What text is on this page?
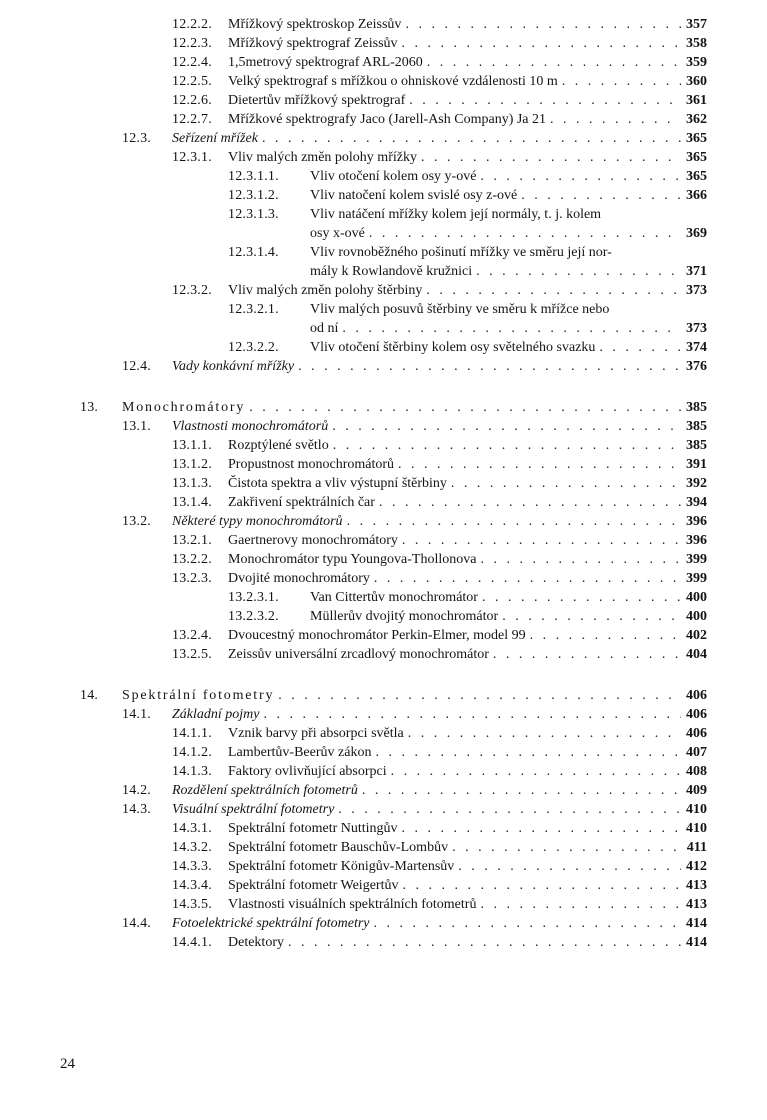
12.2.2. Mřížkový spektroskop Zeissův . . .	357
12.2.3. Mřížkový spektrograf Zeissův . . .	358
12.2.4. 1,5metrový spektrograf ARL-2060 . . .	359
12.2.5. Velký spektrograf s mřížkou o ohniskové vzdálenosti 10 m . . .	360
12.2.6. Dietertův mřížkový spektrograf . . .	361
12.2.7. Mřížkové spektrografy Jaco (Jarell-Ash Company) Ja 21 . . .	362
12.3. Seřízení mřížek . . .	365
12.3.1. Vliv malých změn polohy mřížky . . .	365
12.3.1.1. Vliv otočení kolem osy y-ové . . .	365
12.3.1.2. Vliv natočení kolem svislé osy z-ové . . .	366
12.3.1.3. Vliv natáčení mřížky kolem její normály, t. j. kolem
osy x-ové . . .	369
12.3.1.4. Vliv rovnoběžného pošinutí mřížky ve směru její nor-
mály k Rowlandově kružnici . . .	371
12.3.2. Vliv malých změn polohy štěrbiny . . .	373
12.3.2.1. Vliv malých posuvů štěrbiny ve směru k mřížce nebo
od ní . . .	373
12.3.2.2. Vliv otočení štěrbiny kolem osy světelného svazku . . .	374
12.4. Vady konkávní mřížky . . .	376
13. Monochromátory . . .	385
13.1. Vlastnosti monochromátorů . . .	385
13.1.1. Rozptýlené světlo . . .	385
13.1.2. Propustnost monochromátorů . . .	391
13.1.3. Čistota spektra a vliv výstupní štěrbiny . . .	392
13.1.4. Zakřivení spektrálních čar . . .	394
13.2. Některé typy monochromátorů . . .	396
13.2.1. Gaertnerovy monochromátory . . .	396
13.2.2. Monochromátor typu Youngova-Thollonova . . .	399
13.2.3. Dvojité monochromátory . . .	399
13.2.3.1. Van Cittertův monochromátor . . .	400
13.2.3.2. Müllerův dvojitý monochromátor . . .	400
13.2.4. Dvoucestný monochromátor Perkin-Elmer, model 99 . . .	402
13.2.5. Zeissův universální zrcadlový monochromátor . . .	404
14. Spektrální fotometry . . .	406
14.1. Základní pojmy . . .	406
14.1.1. Vznik barvy při absorpci světla . . .	406
14.1.2. Lambertův-Beerův zákon . . .	407
14.1.3. Faktory ovlivňující absorpci . . .	408
14.2. Rozdělení spektrálních fotometrů . . .	409
14.3. Visuální spektrální fotometry . . .	410
14.3.1. Spektrální fotometr Nuttingův . . .	410
14.3.2. Spektrální fotometr Bauschův-Lombův . . .	411
14.3.3. Spektrální fotometr Königův-Martensův . . .	412
14.3.4. Spektrální fotometr Weigertův . . .	413
14.3.5. Vlastnosti visuálních spektrálních fotometrů . . .	413
14.4. Fotoelektrické spektrální fotometry . . .	414
14.4.1. Detektory . . .	414
24
